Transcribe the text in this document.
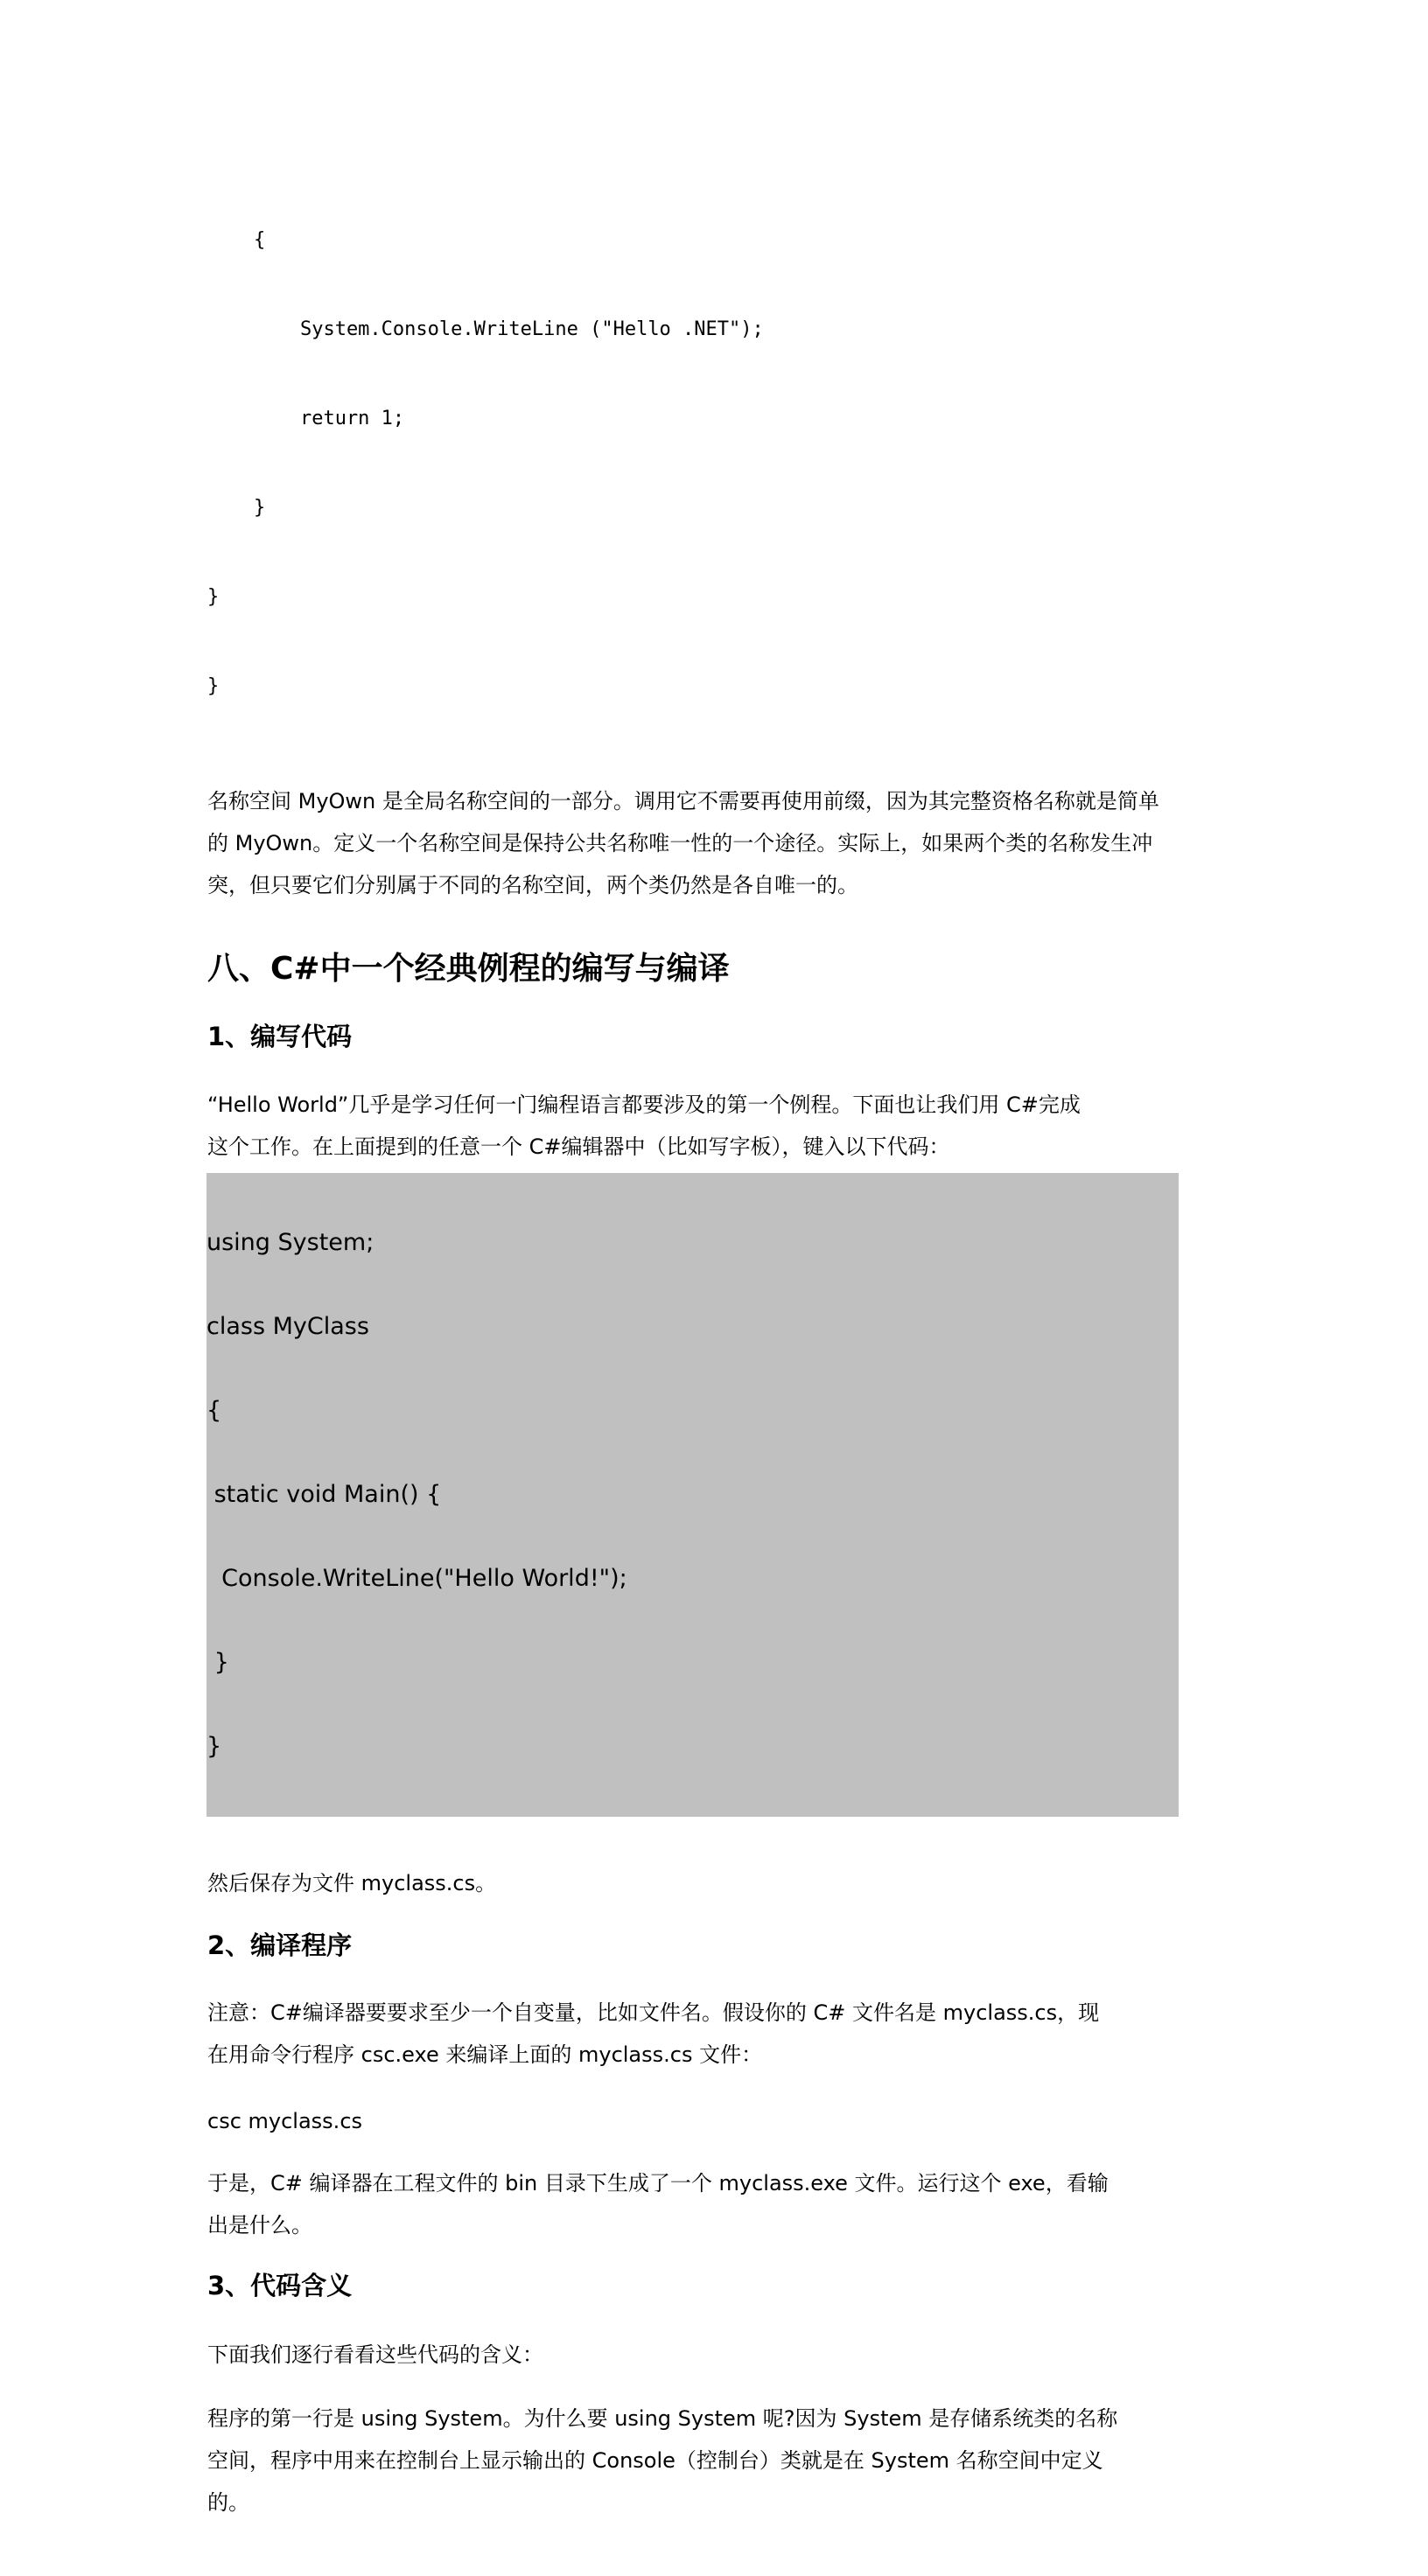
{

System.Console.WriteLine ("Hello .NET");

return 1;

}

}

}

名称空间 MyOwn 是全局名称空间的一部分。调用它不需要再使用前缀，因为其完整资格名称就是简单
的 MyOwn。定义一个名称空间是保持公共名称唯一性的一个途径。实际上，如果两个类的名称发生冲
突，但只要它们分别属于不同的名称空间，两个类仍然是各自唯一的。
八、C#中一个经典例程的编写与编译
1、编写代码
“Hello World”几乎是学习任何一门编程语言都要涉及的第一个例程。下面也让我们用 C#完成
这个工作。在上面提到的任意一个 C#编辑器中（比如写字板），键入以下代码：

using System;

class MyClass

{

static void Main() {

Console.WriteLine("Hello World!");

}

}

然后保存为文件 myclass.cs。
2、编译程序
注意：C#编译器要要求至少一个自变量，比如文件名。假设你的 C# 文件名是 myclass.cs，现
在用命令行程序 csc.exe 来编译上面的 myclass.cs 文件：
csc myclass.cs
于是，C# 编译器在工程文件的 bin 目录下生成了一个 myclass.exe 文件。运行这个 exe，看输
出是什么。
3、代码含义
下面我们逐行看看这些代码的含义：
程序的第一行是 using System。为什么要 using System 呢?因为 System 是存储系统类的名称
空间，程序中用来在控制台上显示输出的 Console（控制台）类就是在 System 名称空间中定义
的。
